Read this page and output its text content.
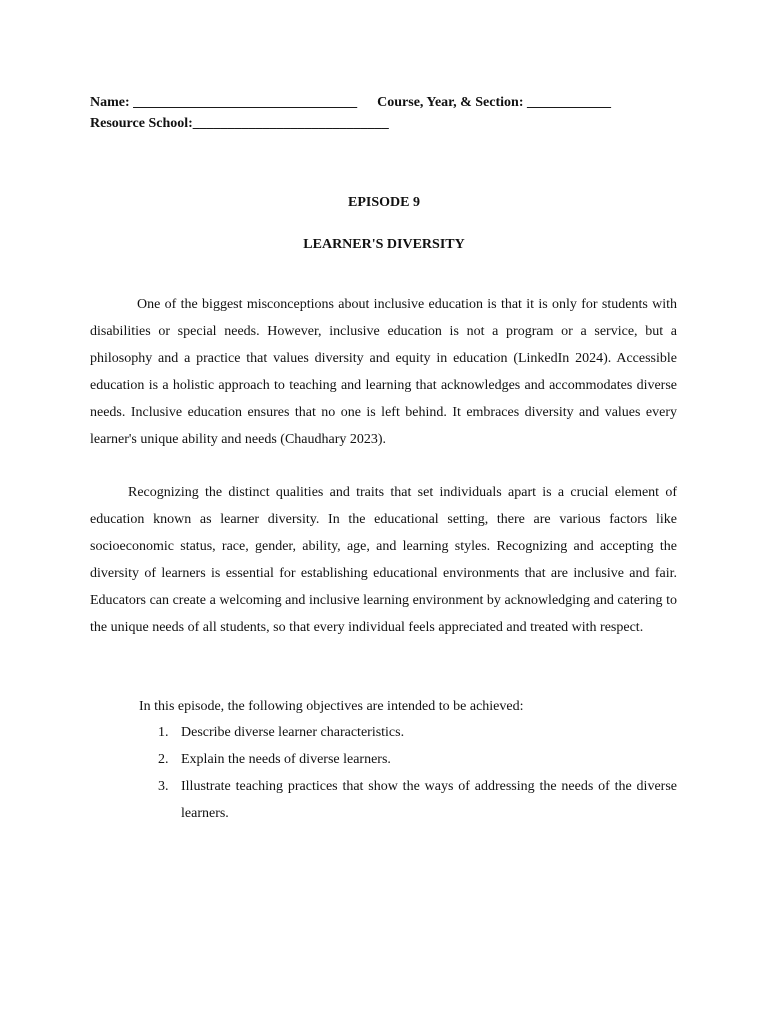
Name: ________________________________ Course, Year, & Section: ____________
Resource School:____________________________
EPISODE 9
LEARNER'S DIVERSITY

One of the biggest misconceptions about inclusive education is that it is only for students with disabilities or special needs. However, inclusive education is not a program or a service, but a philosophy and a practice that values diversity and equity in education (LinkedIn 2024). Accessible education is a holistic approach to teaching and learning that acknowledges and accommodates diverse needs. Inclusive education ensures that no one is left behind. It embraces diversity and values every learner's unique ability and needs (Chaudhary 2023).

Recognizing the distinct qualities and traits that set individuals apart is a crucial element of education known as learner diversity. In the educational setting, there are various factors like socioeconomic status, race, gender, ability, age, and learning styles. Recognizing and accepting the diversity of learners is essential for establishing educational environments that are inclusive and fair. Educators can create a welcoming and inclusive learning environment by acknowledging and catering to the unique needs of all students, so that every individual feels appreciated and treated with respect.

In this episode, the following objectives are intended to be achieved:
1. Describe diverse learner characteristics.
2. Explain the needs of diverse learners.
3. Illustrate teaching practices that show the ways of addressing the needs of the diverse learners.
